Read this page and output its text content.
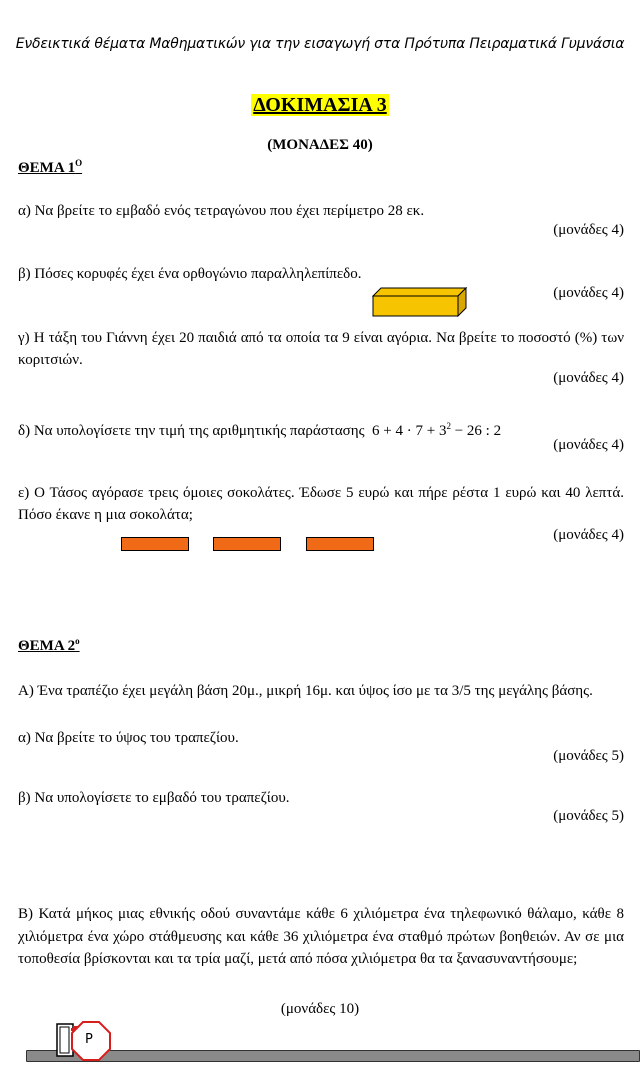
Ενδεικτικά θέματα Μαθηματικών για την εισαγωγή στα Πρότυπα Πειραματικά Γυμνάσια
ΔΟΚΙΜΑΣΙΑ 3
(ΜΟΝΑΔΕΣ 40)
ΘΕΜΑ $1^O$
α) Να βρείτε το εμβαδό ενός τετραγώνου που έχει περίμετρο 28 εκ.
(μονάδες 4)
β) Πόσες κορυφές έχει ένα ορθογώνιο παραλληλεπίπεδο.
(μονάδες 4)
γ) Η τάξη του Γιάννη έχει 20 παιδιά από τα οποία τα 9 είναι αγόρια. Να βρείτε το ποσοστό (%) των κοριτσιών.
(μονάδες 4)
δ) Να υπολογίσετε την τιμή της αριθμητικής παράστασης $6 + 4 \cdot 7 + 3^2 - 26$ : 2
(μονάδες 4)
ε) Ο Τάσος αγόρασε τρεις όμοιες σοκολάτες. Έδωσε 5 ευρώ και πήρε ρέστα 1 ευρώ και 40 λεπτά. Πόσο έκανε η μια σοκολάτα;
(μονάδες 4)
ΘΕΜΑ $2^o$
Α) Ένα τραπέζιο έχει μεγάλη βάση 20μ., μικρή 16μ. και ύψος ίσο με τα 3/5 της μεγάλης βάσης.
α) Να βρείτε το ύψος του τραπεζίου.
(μονάδες 5)
β) Να υπολογίσετε το εμβαδό του τραπεζίου.
(μονάδες 5)
Β) Κατά μήκος μιας εθνικής οδού συναντάμε κάθε 6 χιλιόμετρα ένα τηλεφωνικό θάλαμο, κάθε 8 χιλιόμετρα ένα χώρο στάθμευσης και κάθε 36 χιλιόμετρα ένα σταθμό πρώτων βοηθειών. Αν σε μια τοποθεσία βρίσκονται και τα τρία μαζί, μετά από πόσα χιλιόμετρα θα τα ξανασυναντήσουμε;
(μονάδες 10)
P
